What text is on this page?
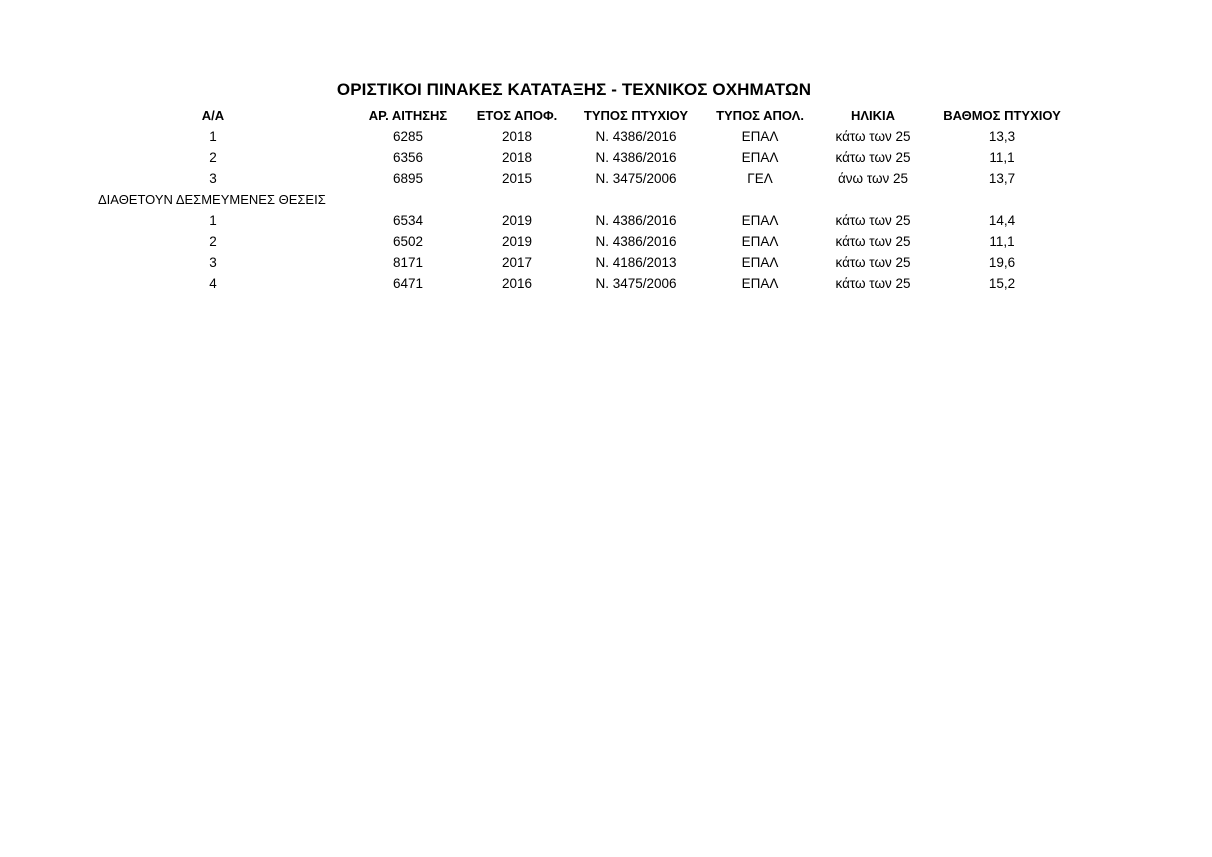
ΟΡΙΣΤΙΚΟΙ ΠΙΝΑΚΕΣ ΚΑΤΑΤΑΞΗΣ - ΤΕΧΝΙΚΟΣ ΟΧΗΜΑΤΩΝ
Α/Α	ΑΡ. ΑΙΤΗΣΗΣ	ΕΤΟΣ ΑΠΟΦ.	ΤΥΠΟΣ ΠΤΥΧΙΟΥ	ΤΥΠΟΣ ΑΠΟΛ.	ΗΛΙΚΙΑ	ΒΑΘΜΟΣ ΠΤΥΧΙΟΥ
1	6285	2018	Ν. 4386/2016	ΕΠΑΛ	κάτω των 25	13,3
2	6356	2018	Ν. 4386/2016	ΕΠΑΛ	κάτω των 25	11,1
3	6895	2015	Ν. 3475/2006	ΓΕΛ	άνω των 25	13,7
ΔΙΑΘΕΤΟΥΝ ΔΕΣΜΕΥΜΕΝΕΣ ΘΕΣΕΙΣ
1	6534	2019	Ν. 4386/2016	ΕΠΑΛ	κάτω των 25	14,4
2	6502	2019	Ν. 4386/2016	ΕΠΑΛ	κάτω των 25	11,1
3	8171	2017	Ν. 4186/2013	ΕΠΑΛ	κάτω των 25	19,6
4	6471	2016	Ν. 3475/2006	ΕΠΑΛ	κάτω των 25	15,2
